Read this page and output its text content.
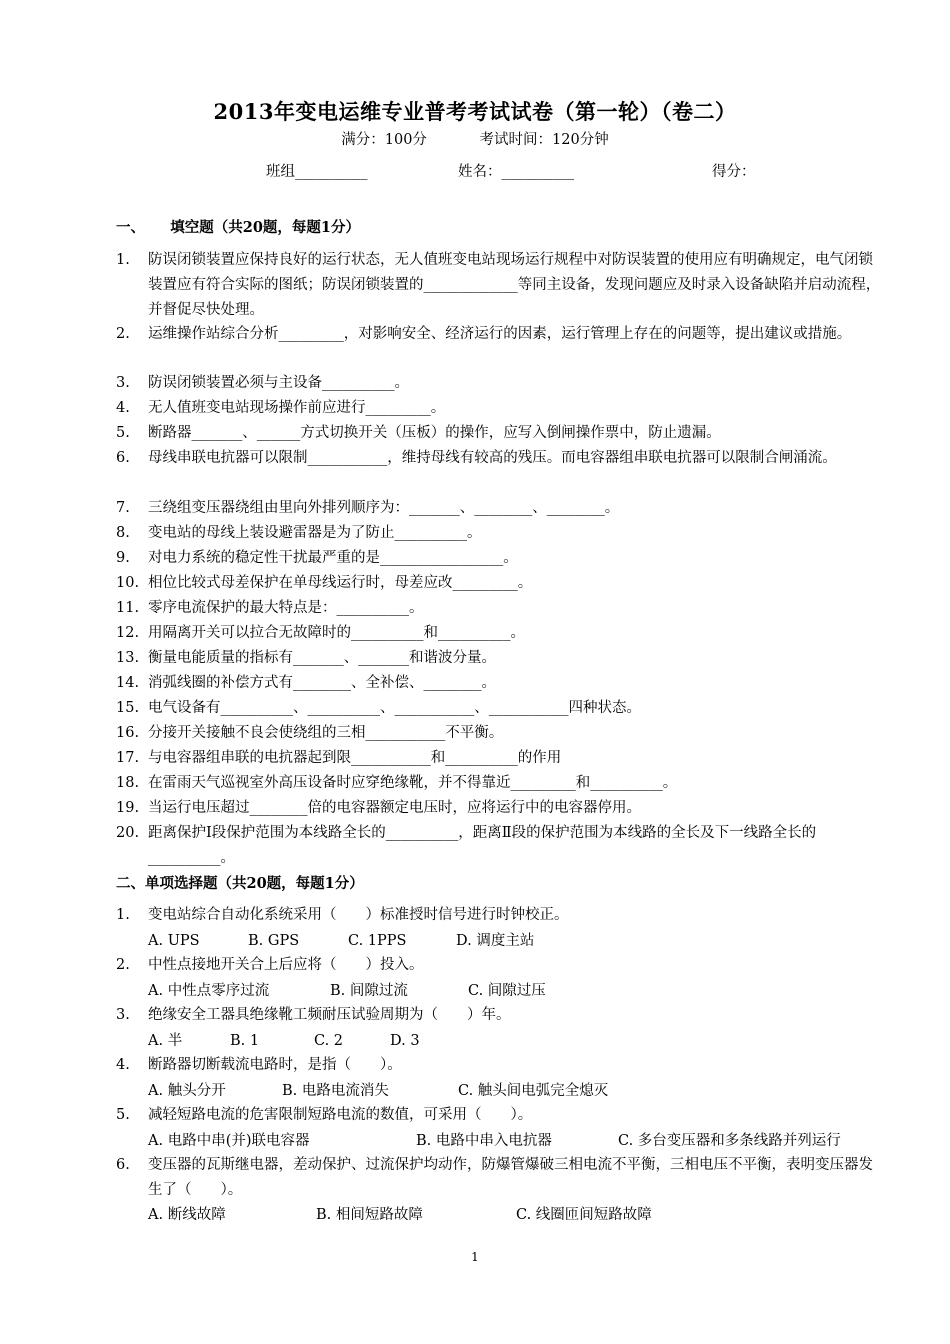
2013年变电运维专业普考考试试卷（第一轮）（卷二）
满分：100分	考试时间：120分钟
班组__________	姓名：__________	得分：
一、     填空题（共20题，每题1分）
1.	防误闭锁装置应保持良好的运行状态，无人值班变电站现场运行规程中对防误装置的使用应有明确规定，电气闭锁装置应有符合实际的图纸；防误闭锁装置的_____________等同主设备，发现问题应及时录入设备缺陷并启动流程，并督促尽快处理。
2.	运维操作站综合分析_________，对影响安全、经济运行的因素，运行管理上存在的问题等，提出建议或措施。
3.	防误闭锁装置必须与主设备__________。
4.	无人值班变电站现场操作前应进行_________。
5.	断路器_______、______方式切换开关（压板）的操作，应写入倒闸操作票中，防止遗漏。
6.	母线串联电抗器可以限制___________，维持母线有较高的残压。而电容器组串联电抗器可以限制合闸涌流。
7.	三绕组变压器绕组由里向外排列顺序为：_______、________、________。
8.	变电站的母线上装设避雷器是为了防止__________。
9.	对电力系统的稳定性干扰最严重的是_________________。
10. 相位比较式母差保护在单母线运行时，母差应改_________。
11. 零序电流保护的最大特点是：__________。
12. 用隔离开关可以拉合无故障时的__________和__________。
13. 衡量电能质量的指标有_______、_______和谐波分量。
14. 消弧线圈的补偿方式有________、全补偿、________。
15. 电气设备有__________、__________、___________、___________四种状态。
16. 分接开关接触不良会使绕组的三相___________不平衡。
17. 与电容器组串联的电抗器起到限___________和__________的作用
18. 在雷雨天气巡视室外高压设备时应穿绝缘靴，并不得靠近_________和__________。
19. 当运行电压超过________倍的电容器额定电压时，应将运行中的电容器停用。
20. 距离保护Ⅰ段保护范围为本线路全长的__________，距离Ⅱ段的保护范围为本线路的全长及下一线路全长的__________。
二、单项选择题（共20题，每题1分）
1.	变电站综合自动化系统采用（　　）标准授时信号进行时钟校正。
A. UPS	B. GPS	C. 1PPS	D. 调度主站
2.	中性点接地开关合上后应将（　　）投入。
A. 中性点零序过流	B. 间隙过流	C. 间隙过压
3.	绝缘安全工器具绝缘靴工频耐压试验周期为（　　）年。
A. 半	B. 1	C. 2	D. 3
4.	断路器切断载流电路时，是指（　　）。
A. 触头分开	B. 电路电流消失	C. 触头间电弧完全熄灭
5.	减轻短路电流的危害限制短路电流的数值，可采用（　　）。
A. 电路中串(并)联电容器	B. 电路中串入电抗器	C. 多台变压器和多条线路并列运行
6.	变压器的瓦斯继电器，差动保护、过流保护均动作，防爆管爆破三相电流不平衡，三相电压不平衡，表明变压器发生了（　　）。
A. 断线故障	B. 相间短路故障	C. 线圈匝间短路故障
1
